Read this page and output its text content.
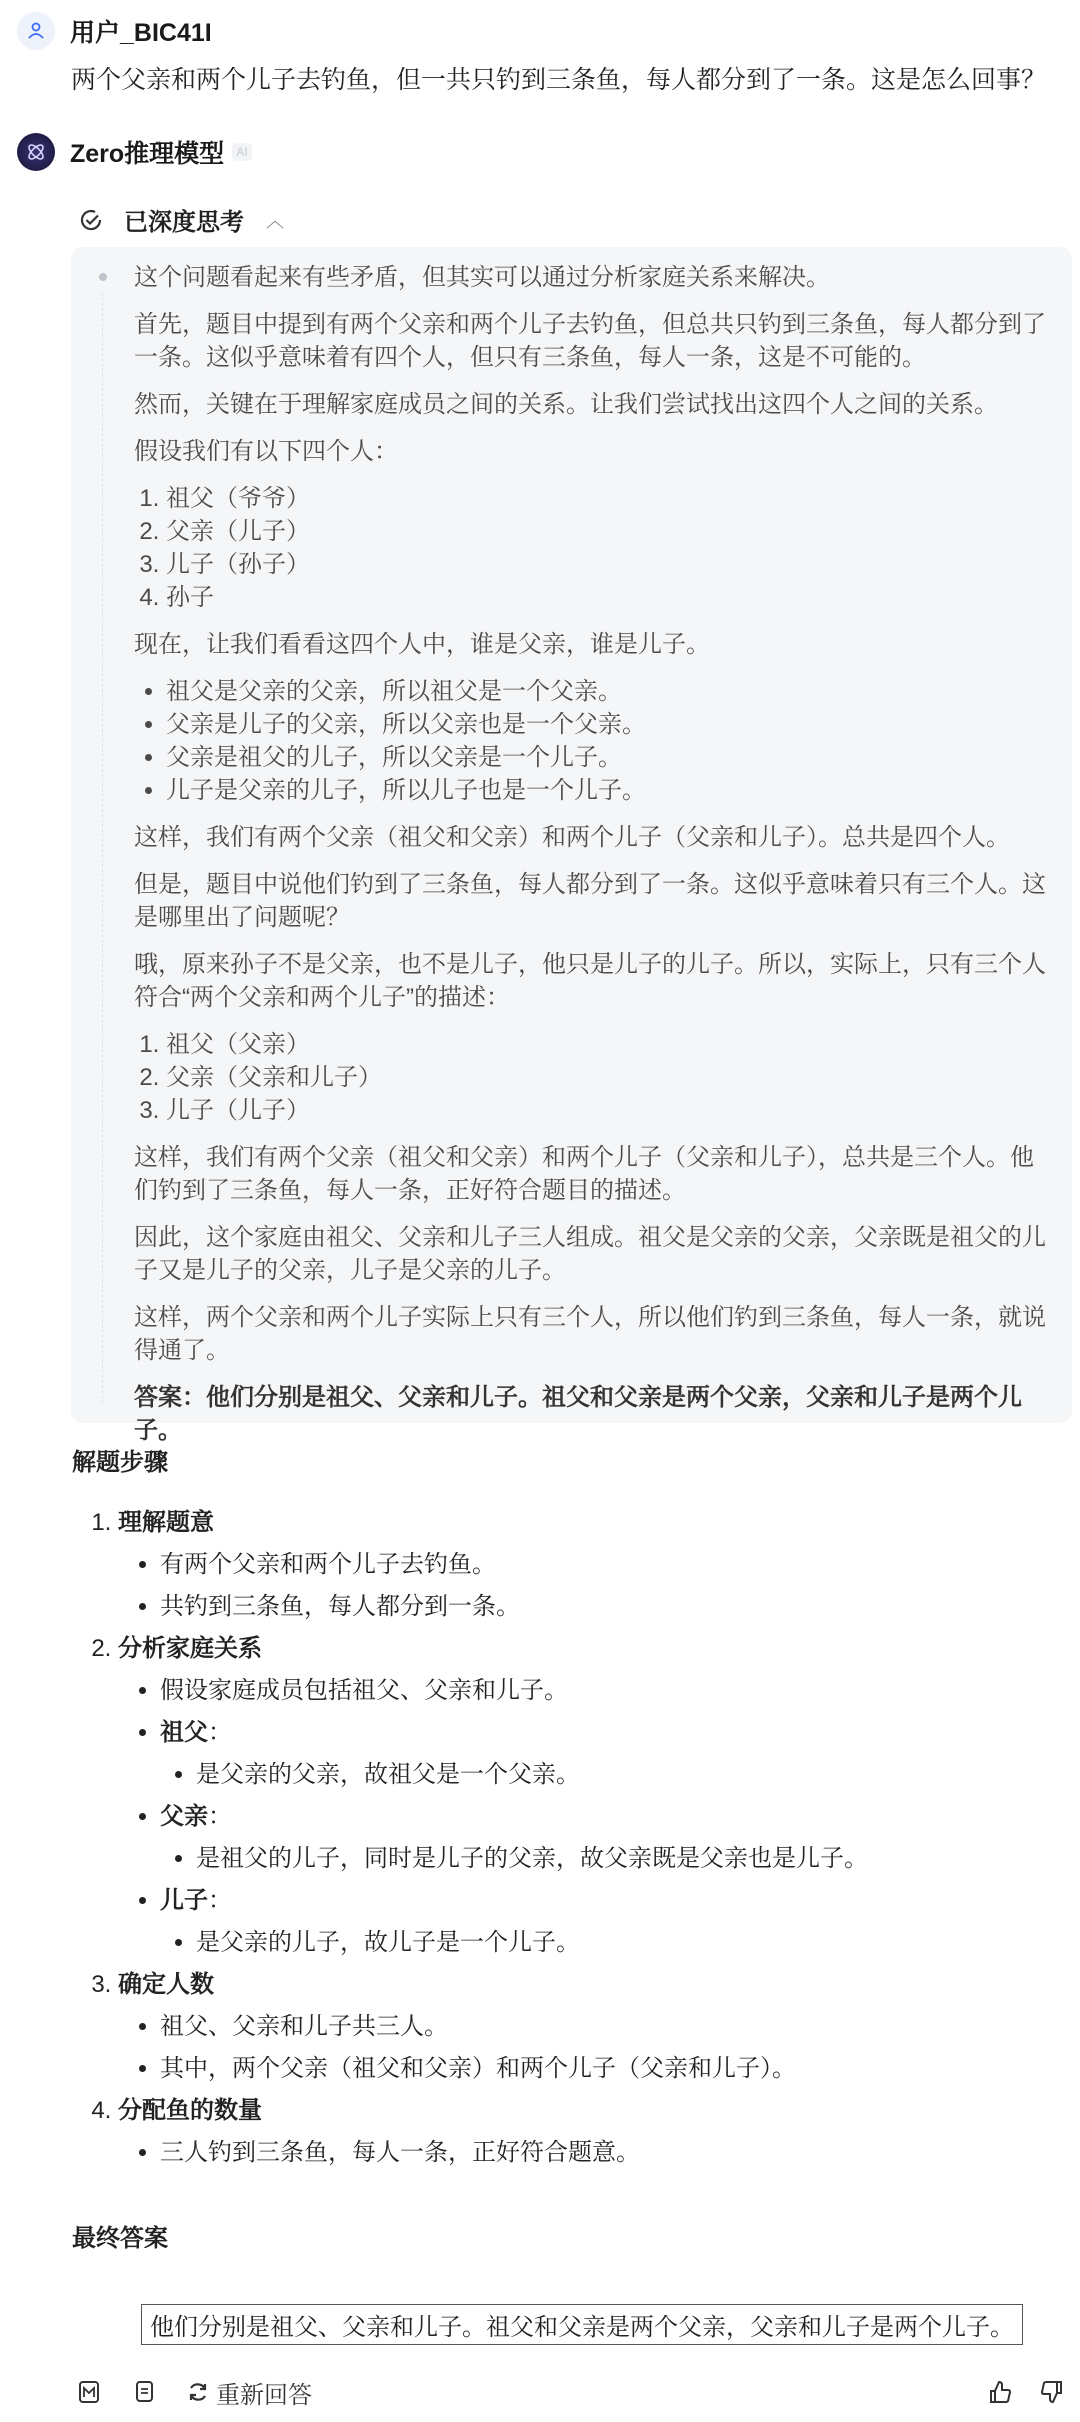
用户_BIC41I
两个父亲和两个儿子去钓鱼，但一共只钓到三条鱼，每人都分到了一条。这是怎么回事？
Zero推理模型	AI
已深度思考 ︿

这个问题看起来有些矛盾，但其实可以通过分析家庭关系来解决。

首先，题目中提到有两个父亲和两个儿子去钓鱼，但总共只钓到三条鱼，每人都分到了一条。这似乎意味着有四个人，但只有三条鱼，每人一条，这是不可能的。

然而，关键在于理解家庭成员之间的关系。让我们尝试找出这四个人之间的关系。

假设我们有以下四个人：

1. 祖父（爷爷）
2. 父亲（儿子）
3. 儿子（孙子）
4. 孙子

现在，让我们看看这四个人中，谁是父亲，谁是儿子。

• 祖父是父亲的父亲，所以祖父是一个父亲。
• 父亲是儿子的父亲，所以父亲也是一个父亲。
• 父亲是祖父的儿子，所以父亲是一个儿子。
• 儿子是父亲的儿子，所以儿子也是一个儿子。

这样，我们有两个父亲（祖父和父亲）和两个儿子（父亲和儿子）。总共是四个人。

但是，题目中说他们钓到了三条鱼，每人都分到了一条。这似乎意味着只有三个人。这是哪里出了问题呢？

哦，原来孙子不是父亲，也不是儿子，他只是儿子的儿子。所以，实际上，只有三个人符合“两个父亲和两个儿子”的描述：

1. 祖父（父亲）
2. 父亲（父亲和儿子）
3. 儿子（儿子）

这样，我们有两个父亲（祖父和父亲）和两个儿子（父亲和儿子），总共是三个人。他们钓到了三条鱼，每人一条，正好符合题目的描述。

因此，这个家庭由祖父、父亲和儿子三人组成。祖父是父亲的父亲，父亲既是祖父的儿子又是儿子的父亲，儿子是父亲的儿子。

这样，两个父亲和两个儿子实际上只有三个人，所以他们钓到三条鱼，每人一条，就说得通了。

答案：他们分别是祖父、父亲和儿子。祖父和父亲是两个父亲，父亲和儿子是两个儿子。

解题步骤
1. 理解题意
• 有两个父亲和两个儿子去钓鱼。
• 共钓到三条鱼，每人都分到一条。
2. 分析家庭关系
• 假设家庭成员包括祖父、父亲和儿子。
• 祖父：
• 是父亲的父亲，故祖父是一个父亲。
• 父亲：
• 是祖父的儿子，同时是儿子的父亲，故父亲既是父亲也是儿子。
• 儿子：
• 是父亲的儿子，故儿子是一个儿子。
3. 确定人数
• 祖父、父亲和儿子共三人。
• 其中，两个父亲（祖父和父亲）和两个儿子（父亲和儿子）。
4. 分配鱼的数量
• 三人钓到三条鱼，每人一条，正好符合题意。
最终答案
他们分别是祖父、父亲和儿子。祖父和父亲是两个父亲，父亲和儿子是两个儿子。
重新回答
